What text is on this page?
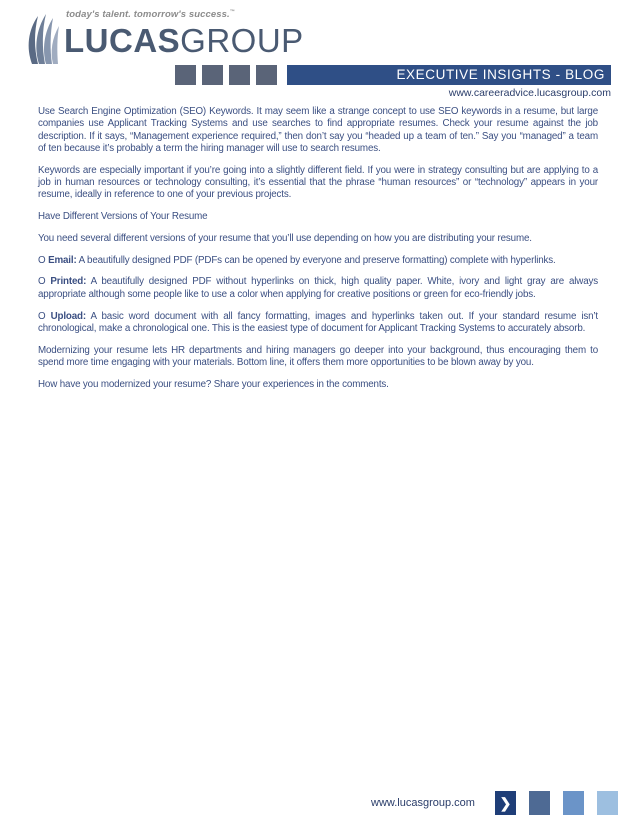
today's talent. tomorrow's success.™
LUCASGROUP
EXECUTIVE INSIGHTS - BLOG
www.careeradvice.lucasgroup.com

Use Search Engine Optimization (SEO) Keywords. It may seem like a strange concept to use SEO keywords in a resume, but large companies use Applicant Tracking Systems and use searches to find appropriate resumes. Check your resume against the job description. If it says, “Management experience required,” then don’t say you “headed up a team of ten.” Say you “managed” a team of ten because it’s probably a term the hiring manager will use to search resumes.

Keywords are especially important if you’re going into a slightly different field. If you were in strategy consulting but are applying to a job in human resources or technology consulting, it’s essential that the phrase “human resources” or “technology” appears in your resume, ideally in reference to one of your previous projects.

Have Different Versions of Your Resume

You need several different versions of your resume that you’ll use depending on how you are distributing your resume.

O Email: A beautifully designed PDF (PDFs can be opened by everyone and preserve formatting) complete with hyperlinks.

O Printed: A beautifully designed PDF without hyperlinks on thick, high quality paper. White, ivory and light gray are always appropriate although some people like to use a color when applying for creative positions or green for eco-friendly jobs.

O Upload: A basic word document with all fancy formatting, images and hyperlinks taken out. If your standard resume isn’t chronological, make a chronological one. This is the easiest type of document for Applicant Tracking Systems to accurately absorb.

Modernizing your resume lets HR departments and hiring managers go deeper into your background, thus encouraging them to spend more time engaging with your materials. Bottom line, it offers them more opportunities to be blown away by you.

How have you modernized your resume? Share your experiences in the comments.

www.lucasgroup.com ❯
